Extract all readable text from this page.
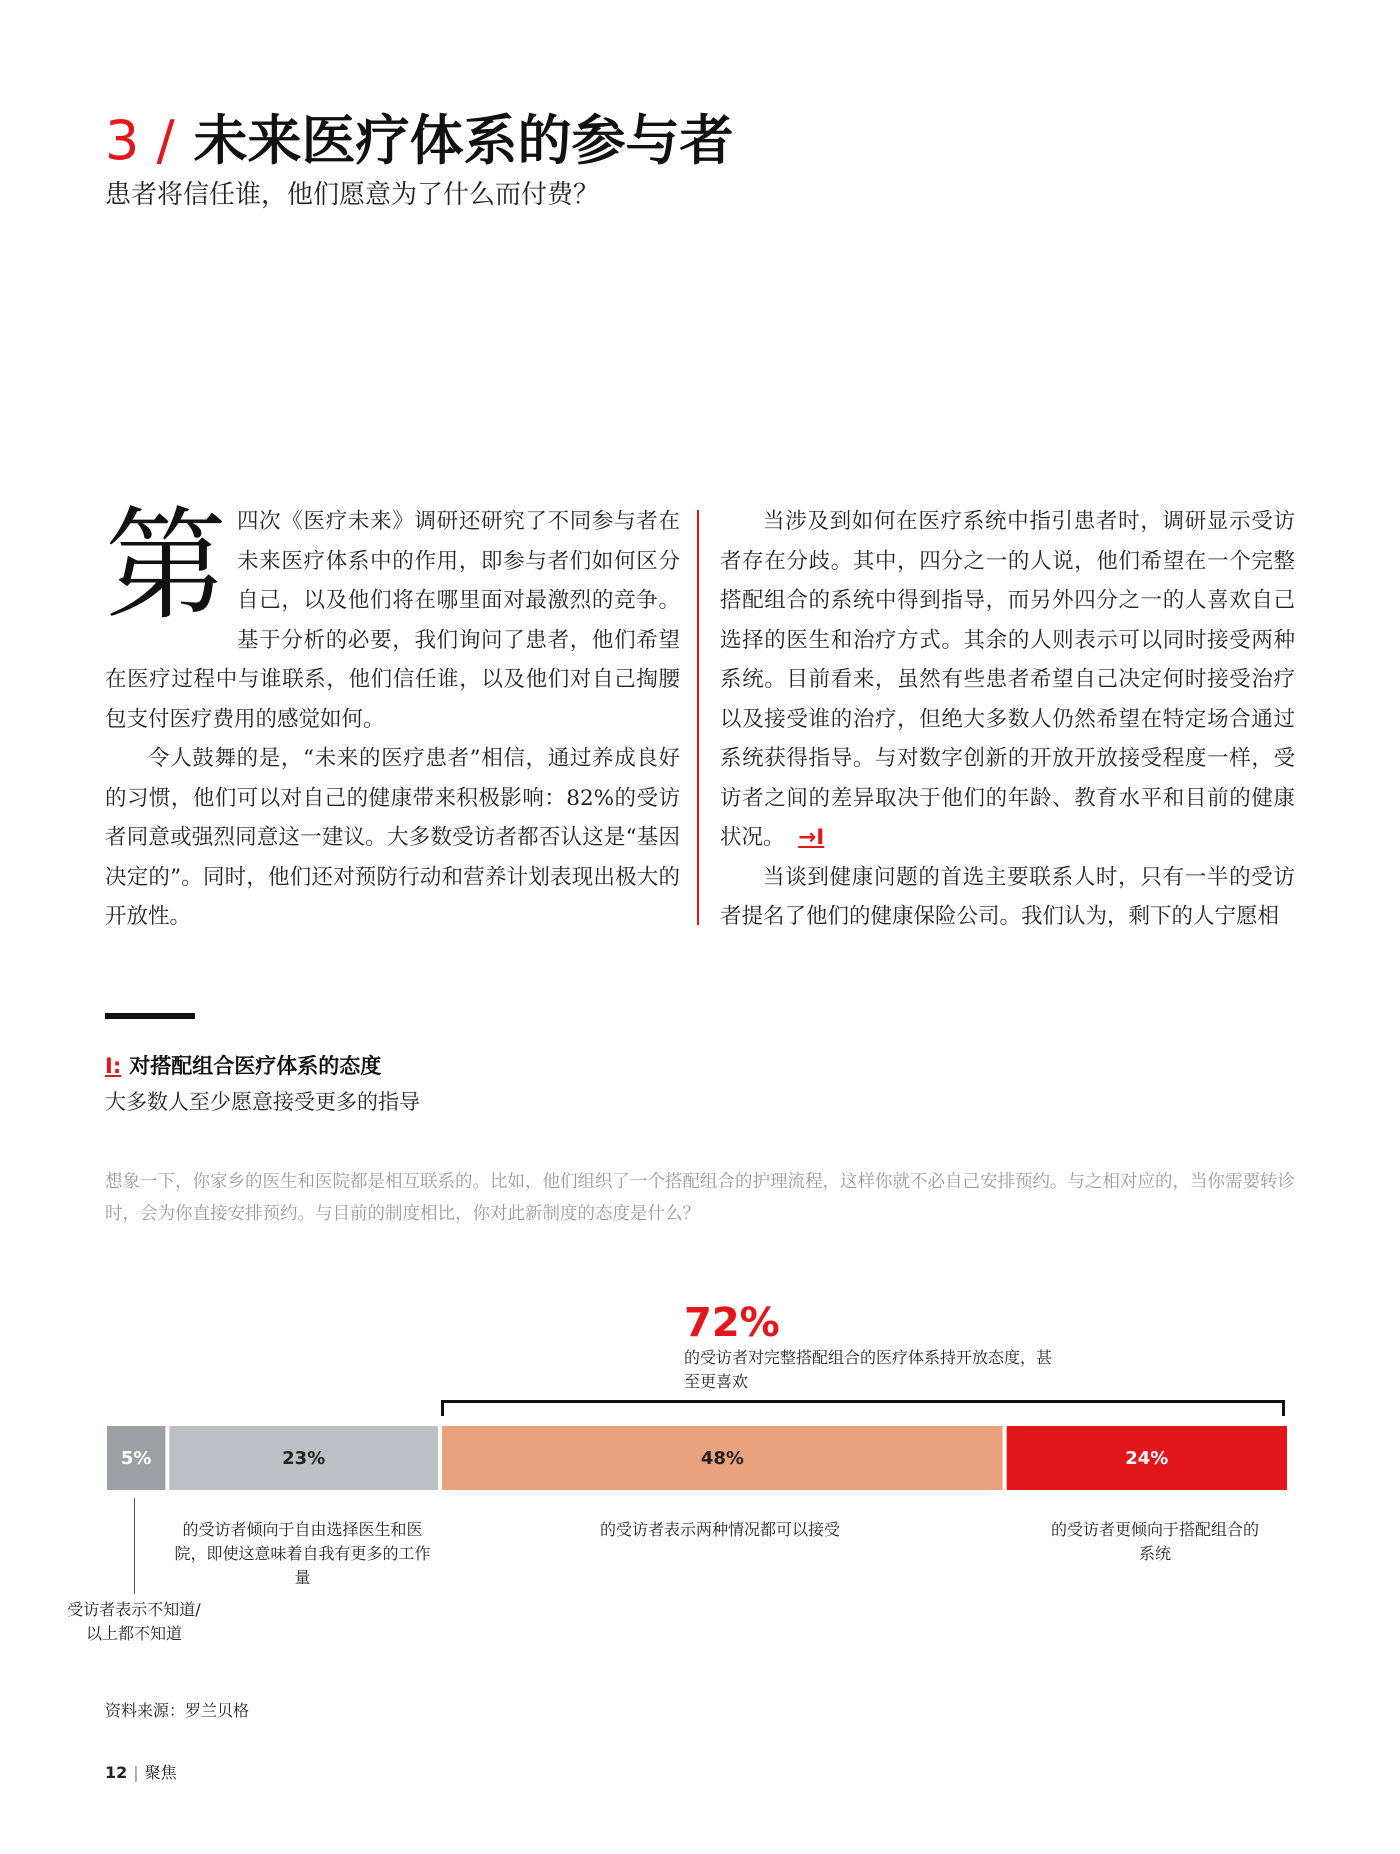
3 / 未来医疗体系的参与者
患者将信任谁，他们愿意为了什么而付费？

第四次《医疗未来》调研还研究了不同参与者在未来医疗体系中的作用，即参与者们如何区分自己，以及他们将在哪里面对最激烈的竞争。基于分析的必要，我们询问了患者，他们希望在医疗过程中与谁联系，他们信任谁，以及他们对自己掏腰包支付医疗费用的感觉如何。

令人鼓舞的是，“未来的医疗患者”相信，通过养成良好的习惯，他们可以对自己的健康带来积极影响：82%的受访者同意或强烈同意这一建议。大多数受访者都否认这是“基因决定的”。同时，他们还对预防行动和营养计划表现出极大的开放性。

当涉及到如何在医疗系统中指引患者时，调研显示受访者存在分歧。其中，四分之一的人说，他们希望在一个完整搭配组合的系统中得到指导，而另外四分之一的人喜欢自己选择的医生和治疗方式。其余的人则表示可以同时接受两种系统。目前看来，虽然有些患者希望自己决定何时接受治疗以及接受谁的治疗，但绝大多数人仍然希望在特定场合通过系统获得指导。与对数字创新的开放开放接受程度一样，受访者之间的差异取决于他们的年龄、教育水平和目前的健康状况。 →I

当谈到健康问题的首选主要联系人时，只有一半的受访者提名了他们的健康保险公司。我们认为，剩下的人宁愿相

I: 对搭配组合医疗体系的态度
大多数人至少愿意接受更多的指导
想象一下，你家乡的医生和医院都是相互联系的。比如，他们组织了一个搭配组合的护理流程，这样你就不必自己安排预约。与之相对应的，当你需要转诊时，会为你直接安排预约。与目前的制度相比，你对此新制度的态度是什么？
72%
的受访者对完整搭配组合的医疗体系持开放态度，甚至更喜欢
5%	23%	48%	24%
受访者表示不知道/以上都不知道
的受访者倾向于自由选择医生和医院，即使这意味着自我有更多的工作量
的受访者表示两种情况都可以接受	的受访者更倾向于搭配组合的系统
资料来源：罗兰贝格
12 | 聚焦
